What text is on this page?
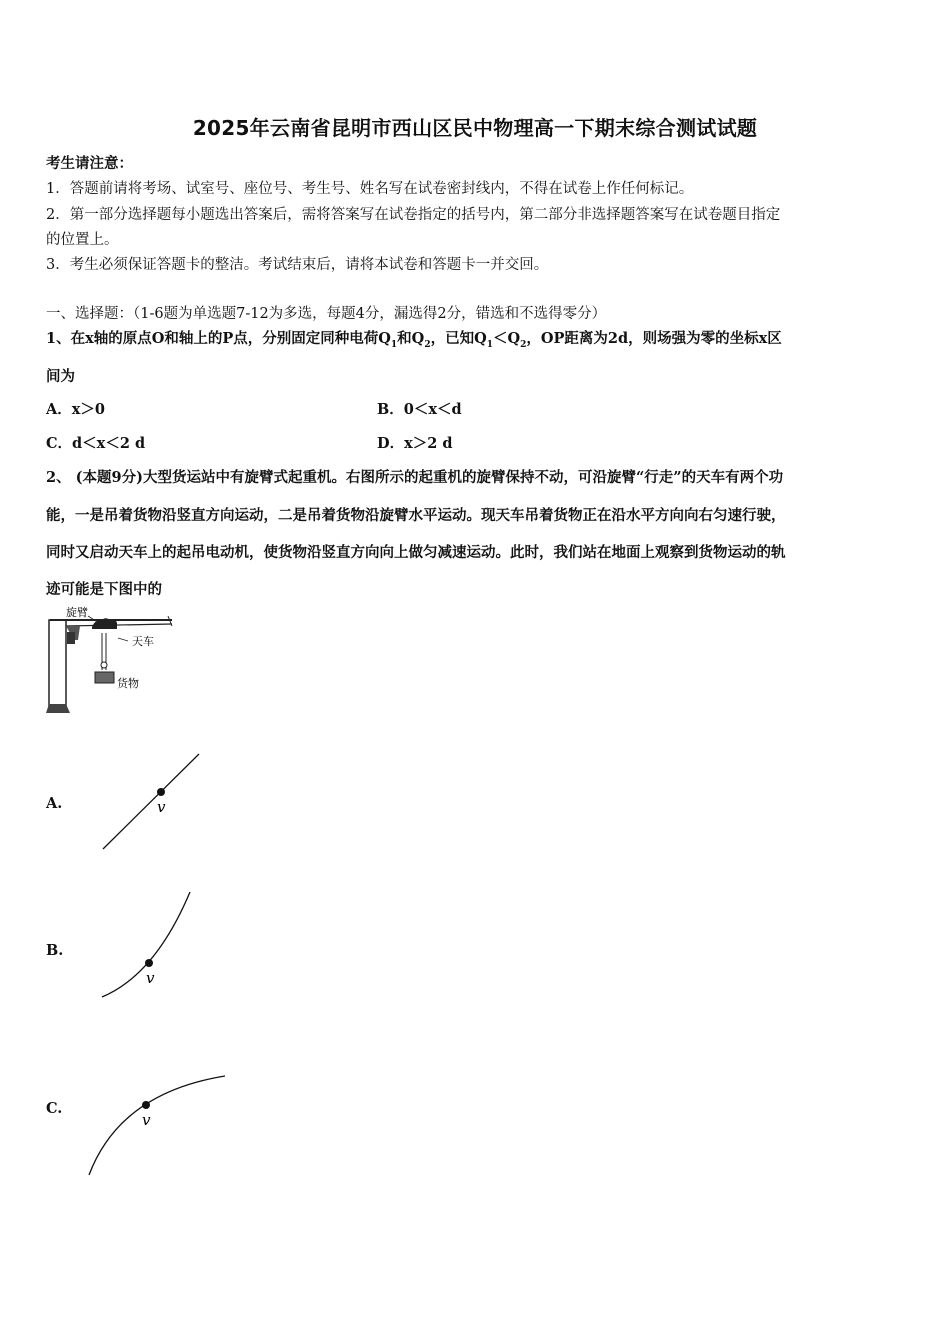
2025年云南省昆明市西山区民中物理高一下期末综合测试试题
考生请注意：
1．答题前请将考场、试室号、座位号、考生号、姓名写在试卷密封线内，不得在试卷上作任何标记。
2．第一部分选择题每小题选出答案后，需将答案写在试卷指定的括号内，第二部分非选择题答案写在试卷题目指定
的位置上。
3．考生必须保证答题卡的整洁。考试结束后，请将本试卷和答题卡一并交回。
一、选择题：（1-6题为单选题7-12为多选，每题4分，漏选得2分，错选和不选得零分）
1、在x轴的原点O和轴上的P点，分别固定同种电荷$Q_1$和$Q_2$，已知$Q_1<Q_2$，OP距离为2d，则场强为零的坐标x区
间为
A．x＞0	B．0＜x＜d
C．d＜x＜2 d	D．x＞2 d
2、 (本题9分)大型货运站中有旋臂式起重机。右图所示的起重机的旋臂保持不动，可沿旋臂“行走”的天车有两个功
能，一是吊着货物沿竖直方向运动，二是吊着货物沿旋臂水平运动。现天车吊着货物正在沿水平方向向右匀速行驶，
同时又启动天车上的起吊电动机，使货物沿竖直方向向上做匀减速运动。此时，我们站在地面上观察到货物运动的轨
迹可能是下图中的
旋臂
天车
货物
A.	v
B.
v
C.
v
